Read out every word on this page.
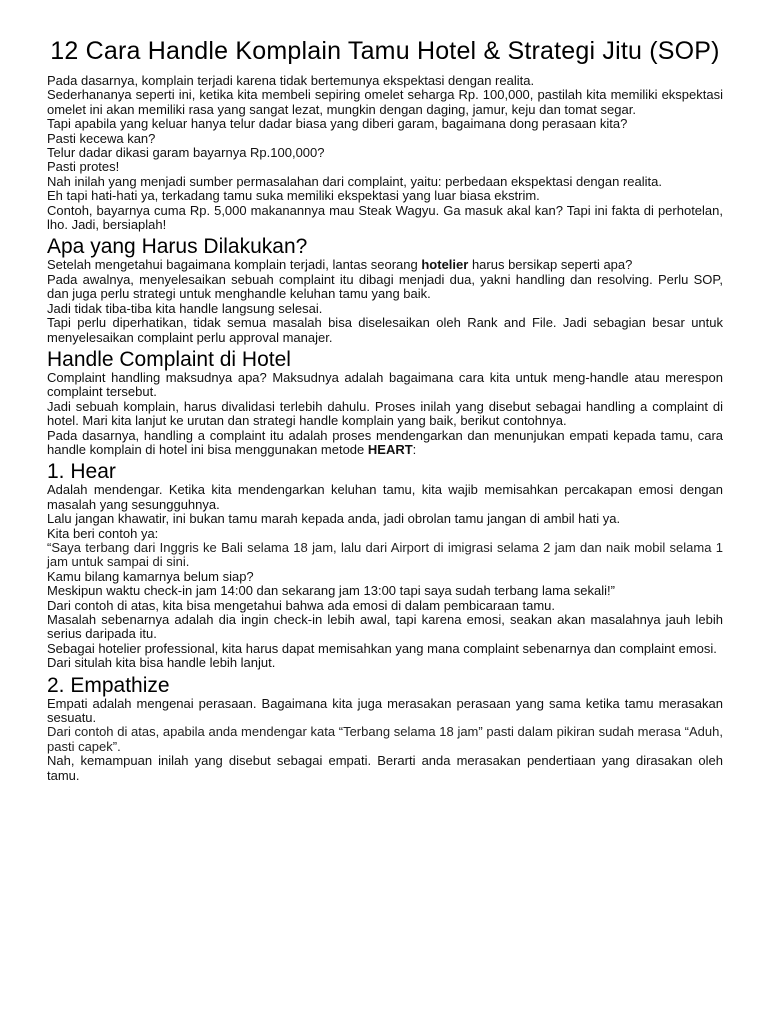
12 Cara Handle Komplain Tamu Hotel & Strategi Jitu (SOP)

Pada dasarnya, komplain terjadi karena tidak bertemunya ekspektasi dengan realita.

Sederhananya seperti ini, ketika kita membeli sepiring omelet seharga Rp. 100,000, pastilah kita memiliki ekspektasi omelet ini akan memiliki rasa yang sangat lezat, mungkin dengan daging, jamur, keju dan tomat segar.

Tapi apabila yang keluar hanya telur dadar biasa yang diberi garam, bagaimana dong perasaan kita?

Pasti kecewa kan?

Telur dadar dikasi garam bayarnya Rp.100,000?

Pasti protes!

Nah inilah yang menjadi sumber permasalahan dari complaint, yaitu: perbedaan ekspektasi dengan realita.

Eh tapi hati-hati ya, terkadang tamu suka memiliki ekspektasi yang luar biasa ekstrim.

Contoh, bayarnya cuma Rp. 5,000 makanannya mau Steak Wagyu. Ga masuk akal kan? Tapi ini fakta di perhotelan, lho. Jadi, bersiaplah!

Apa yang Harus Dilakukan?

Setelah mengetahui bagaimana komplain terjadi, lantas seorang hotelier harus bersikap seperti apa?

Pada awalnya, menyelesaikan sebuah complaint itu dibagi menjadi dua, yakni handling dan resolving. Perlu SOP, dan juga perlu strategi untuk menghandle keluhan tamu yang baik.

Jadi tidak tiba-tiba kita handle langsung selesai.

Tapi perlu diperhatikan, tidak semua masalah bisa diselesaikan oleh Rank and File. Jadi sebagian besar untuk menyelesaikan complaint perlu approval manajer.

Handle Complaint di Hotel

Complaint handling maksudnya apa? Maksudnya adalah bagaimana cara kita untuk meng-handle atau merespon complaint tersebut.

Jadi sebuah komplain, harus divalidasi terlebih dahulu. Proses inilah yang disebut sebagai handling a complaint di hotel. Mari kita lanjut ke urutan dan strategi handle komplain yang baik, berikut contohnya.

Pada dasarnya, handling a complaint itu adalah proses mendengarkan dan menunjukan empati kepada tamu, cara handle komplain di hotel ini bisa menggunakan metode HEART:

1. Hear

Adalah mendengar. Ketika kita mendengarkan keluhan tamu, kita wajib memisahkan percakapan emosi dengan masalah yang sesungguhnya.

Lalu jangan khawatir, ini bukan tamu marah kepada anda, jadi obrolan tamu jangan di ambil hati ya.

Kita beri contoh ya:

“Saya terbang dari Inggris ke Bali selama 18 jam, lalu dari Airport di imigrasi selama 2 jam dan naik mobil selama 1 jam untuk sampai di sini.

Kamu bilang kamarnya belum siap?

Meskipun waktu check-in jam 14:00 dan sekarang jam 13:00 tapi saya sudah terbang lama sekali!”

Dari contoh di atas, kita bisa mengetahui bahwa ada emosi di dalam pembicaraan tamu.

Masalah sebenarnya adalah dia ingin check-in lebih awal, tapi karena emosi, seakan akan masalahnya jauh lebih serius daripada itu.

Sebagai hotelier professional, kita harus dapat memisahkan yang mana complaint sebenarnya dan complaint emosi.

Dari situlah kita bisa handle lebih lanjut.

2. Empathize

Empati adalah mengenai perasaan. Bagaimana kita juga merasakan perasaan yang sama ketika tamu merasakan sesuatu.

Dari contoh di atas, apabila anda mendengar kata “Terbang selama 18 jam” pasti dalam pikiran sudah merasa “Aduh, pasti capek”.

Nah, kemampuan inilah yang disebut sebagai empati. Berarti anda merasakan pendertiaan yang dirasakan oleh tamu.
